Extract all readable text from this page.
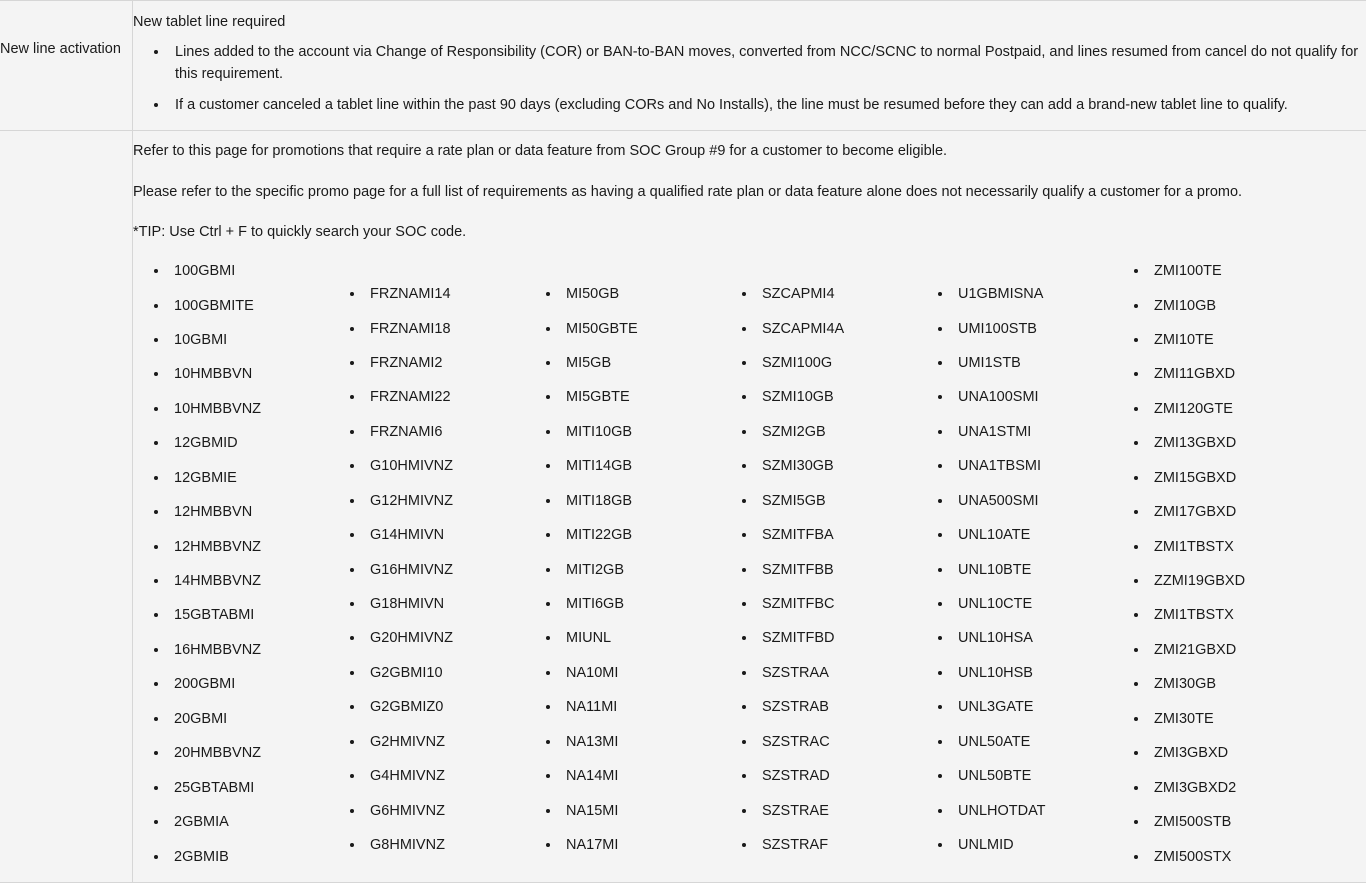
New line activation

New tablet line required

• Lines added to the account via Change of Responsibility (COR) or BAN-to-BAN moves, converted from NCC/SCNC to normal Postpaid, and lines resumed from cancel do not qualify for this requirement.
• If a customer canceled a tablet line within the past 90 days (excluding CORs and No Installs), the line must be resumed before they can add a brand-new tablet line to qualify.

Refer to this page for promotions that require a rate plan or data feature from SOC Group #9 for a customer to become eligible.

Please refer to the specific promo page for a full list of requirements as having a qualified rate plan or data feature alone does not necessarily qualify a customer for a promo.

*TIP: Use Ctrl + F to quickly search your SOC code.

• 100GBMI
• 100GBMITE
• 10GBMI
• 10HMBBVN
• 10HMBBVNZ
• 12GBMID
• 12GBMIE
• 12HMBBVN
• 12HMBBVNZ
• 14HMBBVNZ
• 15GBTABMI
• 16HMBBVNZ
• 200GBMI
• 20GBMI
• 20HMBBVNZ
• 25GBTABMI
• 2GBMIA
• 2GBMIB
• FRZNAMI14
• FRZNAMI18
• FRZNAMI2
• FRZNAMI22
• FRZNAMI6
• G10HMIVNZ
• G12HMIVNZ
• G14HMIVN
• G16HMIVNZ
• G18HMIVN
• G20HMIVNZ
• G2GBMI10
• G2GBMIZ0
• G2HMIVNZ
• G4HMIVNZ
• G6HMIVNZ
• G8HMIVNZ
• MI50GB
• MI50GBTE
• MI5GB
• MI5GBTE
• MITI10GB
• MITI14GB
• MITI18GB
• MITI22GB
• MITI2GB
• MITI6GB
• MIUNL
• NA10MI
• NA11MI
• NA13MI
• NA14MI
• NA15MI
• NA17MI
• SZCAPMI4
• SZCAPMI4A
• SZMI100G
• SZMI10GB
• SZMI2GB
• SZMI30GB
• SZMI5GB
• SZMITFBA
• SZMITFBB
• SZMITFBC
• SZMITFBD
• SZSTRAA
• SZSTRAB
• SZSTRAC
• SZSTRAD
• SZSTRAE
• SZSTRAF
• U1GBMISNA
• UMI100STB
• UMI1STB
• UNA100SMI
• UNA1STMI
• UNA1TBSMI
• UNA500SMI
• UNL10ATE
• UNL10BTE
• UNL10CTE
• UNL10HSA
• UNL10HSB
• UNL3GATE
• UNL50ATE
• UNL50BTE
• UNLHOTDAT
• UNLMID
• ZMI100TE
• ZMI10GB
• ZMI10TE
• ZMI11GBXD
• ZMI120GTE
• ZMI13GBXD
• ZMI15GBXD
• ZMI17GBXD
• ZMI1TBSTX
• ZZMI19GBXD
• ZMI1TBSTX
• ZMI21GBXD
• ZMI30GB
• ZMI30TE
• ZMI3GBXD
• ZMI3GBXD2
• ZMI500STB
• ZMI500STX
